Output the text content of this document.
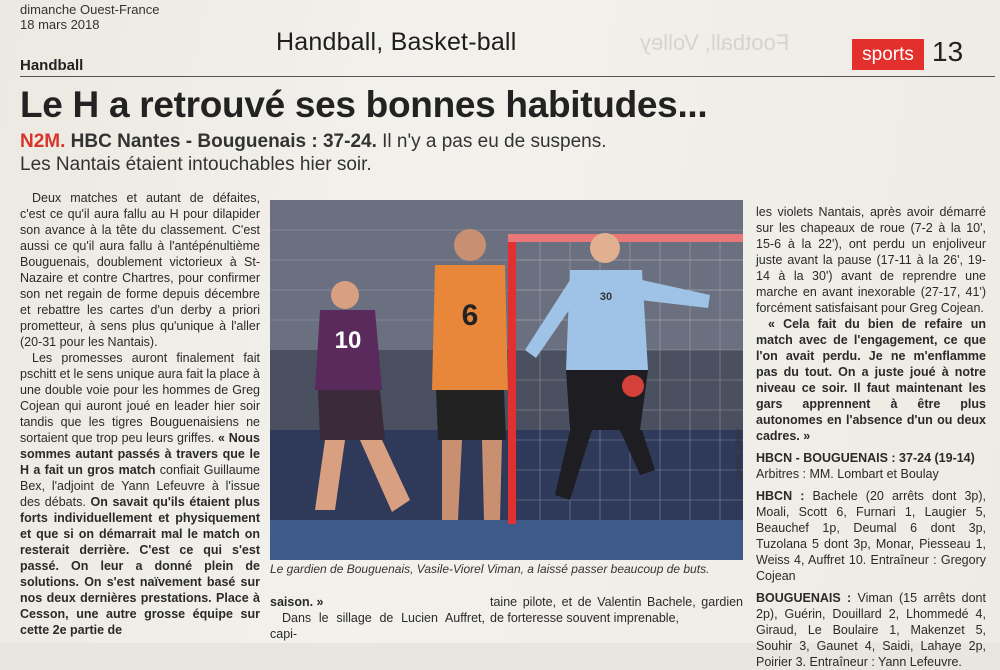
dimanche Ouest-France
18 mars 2018
Handball, Basket-ball	Football, Volley	sports 13
Handball
Le H a retrouvé ses bonnes habitudes...
N2M. HBC Nantes - Bouguenais : 37-24. Il n'y a pas eu de suspens. Les Nantais étaient intouchables hier soir.

Deux matches et autant de défaites, c'est ce qu'il aura fallu au H pour dilapider son avance à la tête du classement. C'est aussi ce qu'il aura fallu à l'antépénultième Bouguenais, doublement victorieux à St-Nazaire et contre Chartres, pour confirmer son net regain de forme depuis décembre et rebattre les cartes d'un derby a priori prometteur, à sens plus qu'unique à l'aller (20-31 pour les Nantais).

Les promesses auront finalement fait pschitt et le sens unique aura fait la place à une double voie pour les hommes de Greg Cojean qui auront joué en leader hier soir tandis que les tigres Bouguenaisiens ne sortaient que trop peu leurs griffes. « Nous sommes autant passés à travers que le H a fait un gros match confiait Guillaume Bex, l'adjoint de Yann Lefeuvre à l'issue des débats. On savait qu'ils étaient plus forts individuellement et physiquement et que si on démarrait mal le match on resterait derrière. C'est ce qui s'est passé. On leur a donné plein de solutions. On s'est naïvement basé sur nos deux dernières prestations. Place à Cesson, une autre grosse équipe sur cette 2e partie de

10
6
30
Ludovic Failler
Le gardien de Bouguenais, Vasile-Viorel Viman, a laissé passer beaucoup de buts.

saison. »

Dans le sillage de Lucien Auffret, capi-

taine pilote, et de Valentin Bachele, gardien de forteresse souvent imprenable,

les violets Nantais, après avoir démarré sur les chapeaux de roue (7-2 à la 10', 15-6 à la 22'), ont perdu un enjoliveur juste avant la pause (17-11 à la 26', 19-14 à la 30') avant de reprendre une marche en avant inexorable (27-17, 41') forcément satisfaisant pour Greg Cojean.

« Cela fait du bien de refaire un match avec de l'engagement, ce que l'on avait perdu. Je ne m'enflamme pas du tout. On a juste joué à notre niveau ce soir. Il faut maintenant les gars apprennent à être plus autonomes en l'absence d'un ou deux cadres. »

HBCN - BOUGUENAIS : 37-24 (19-14)

Arbitres : MM. Lombart et Boulay

HBCN : Bachele (20 arrêts dont 3p), Moali, Scott 6, Furnari 1, Laugier 5, Beauchef 1p, Deumal 6 dont 3p, Tuzolana 5 dont 3p, Monar, Piesseau 1, Weiss 4, Auffret 10. Entraîneur : Gregory Cojean

BOUGUENAIS : Viman (15 arrêts dont 2p), Guérin, Douillard 2, Lhommedé 4, Giraud, Le Boulaire 1, Makenzet 5, Souhir 3, Gaunet 4, Saidi, Lahaye 2p, Poirier 3. Entraîneur : Yann Lefeuvre.
